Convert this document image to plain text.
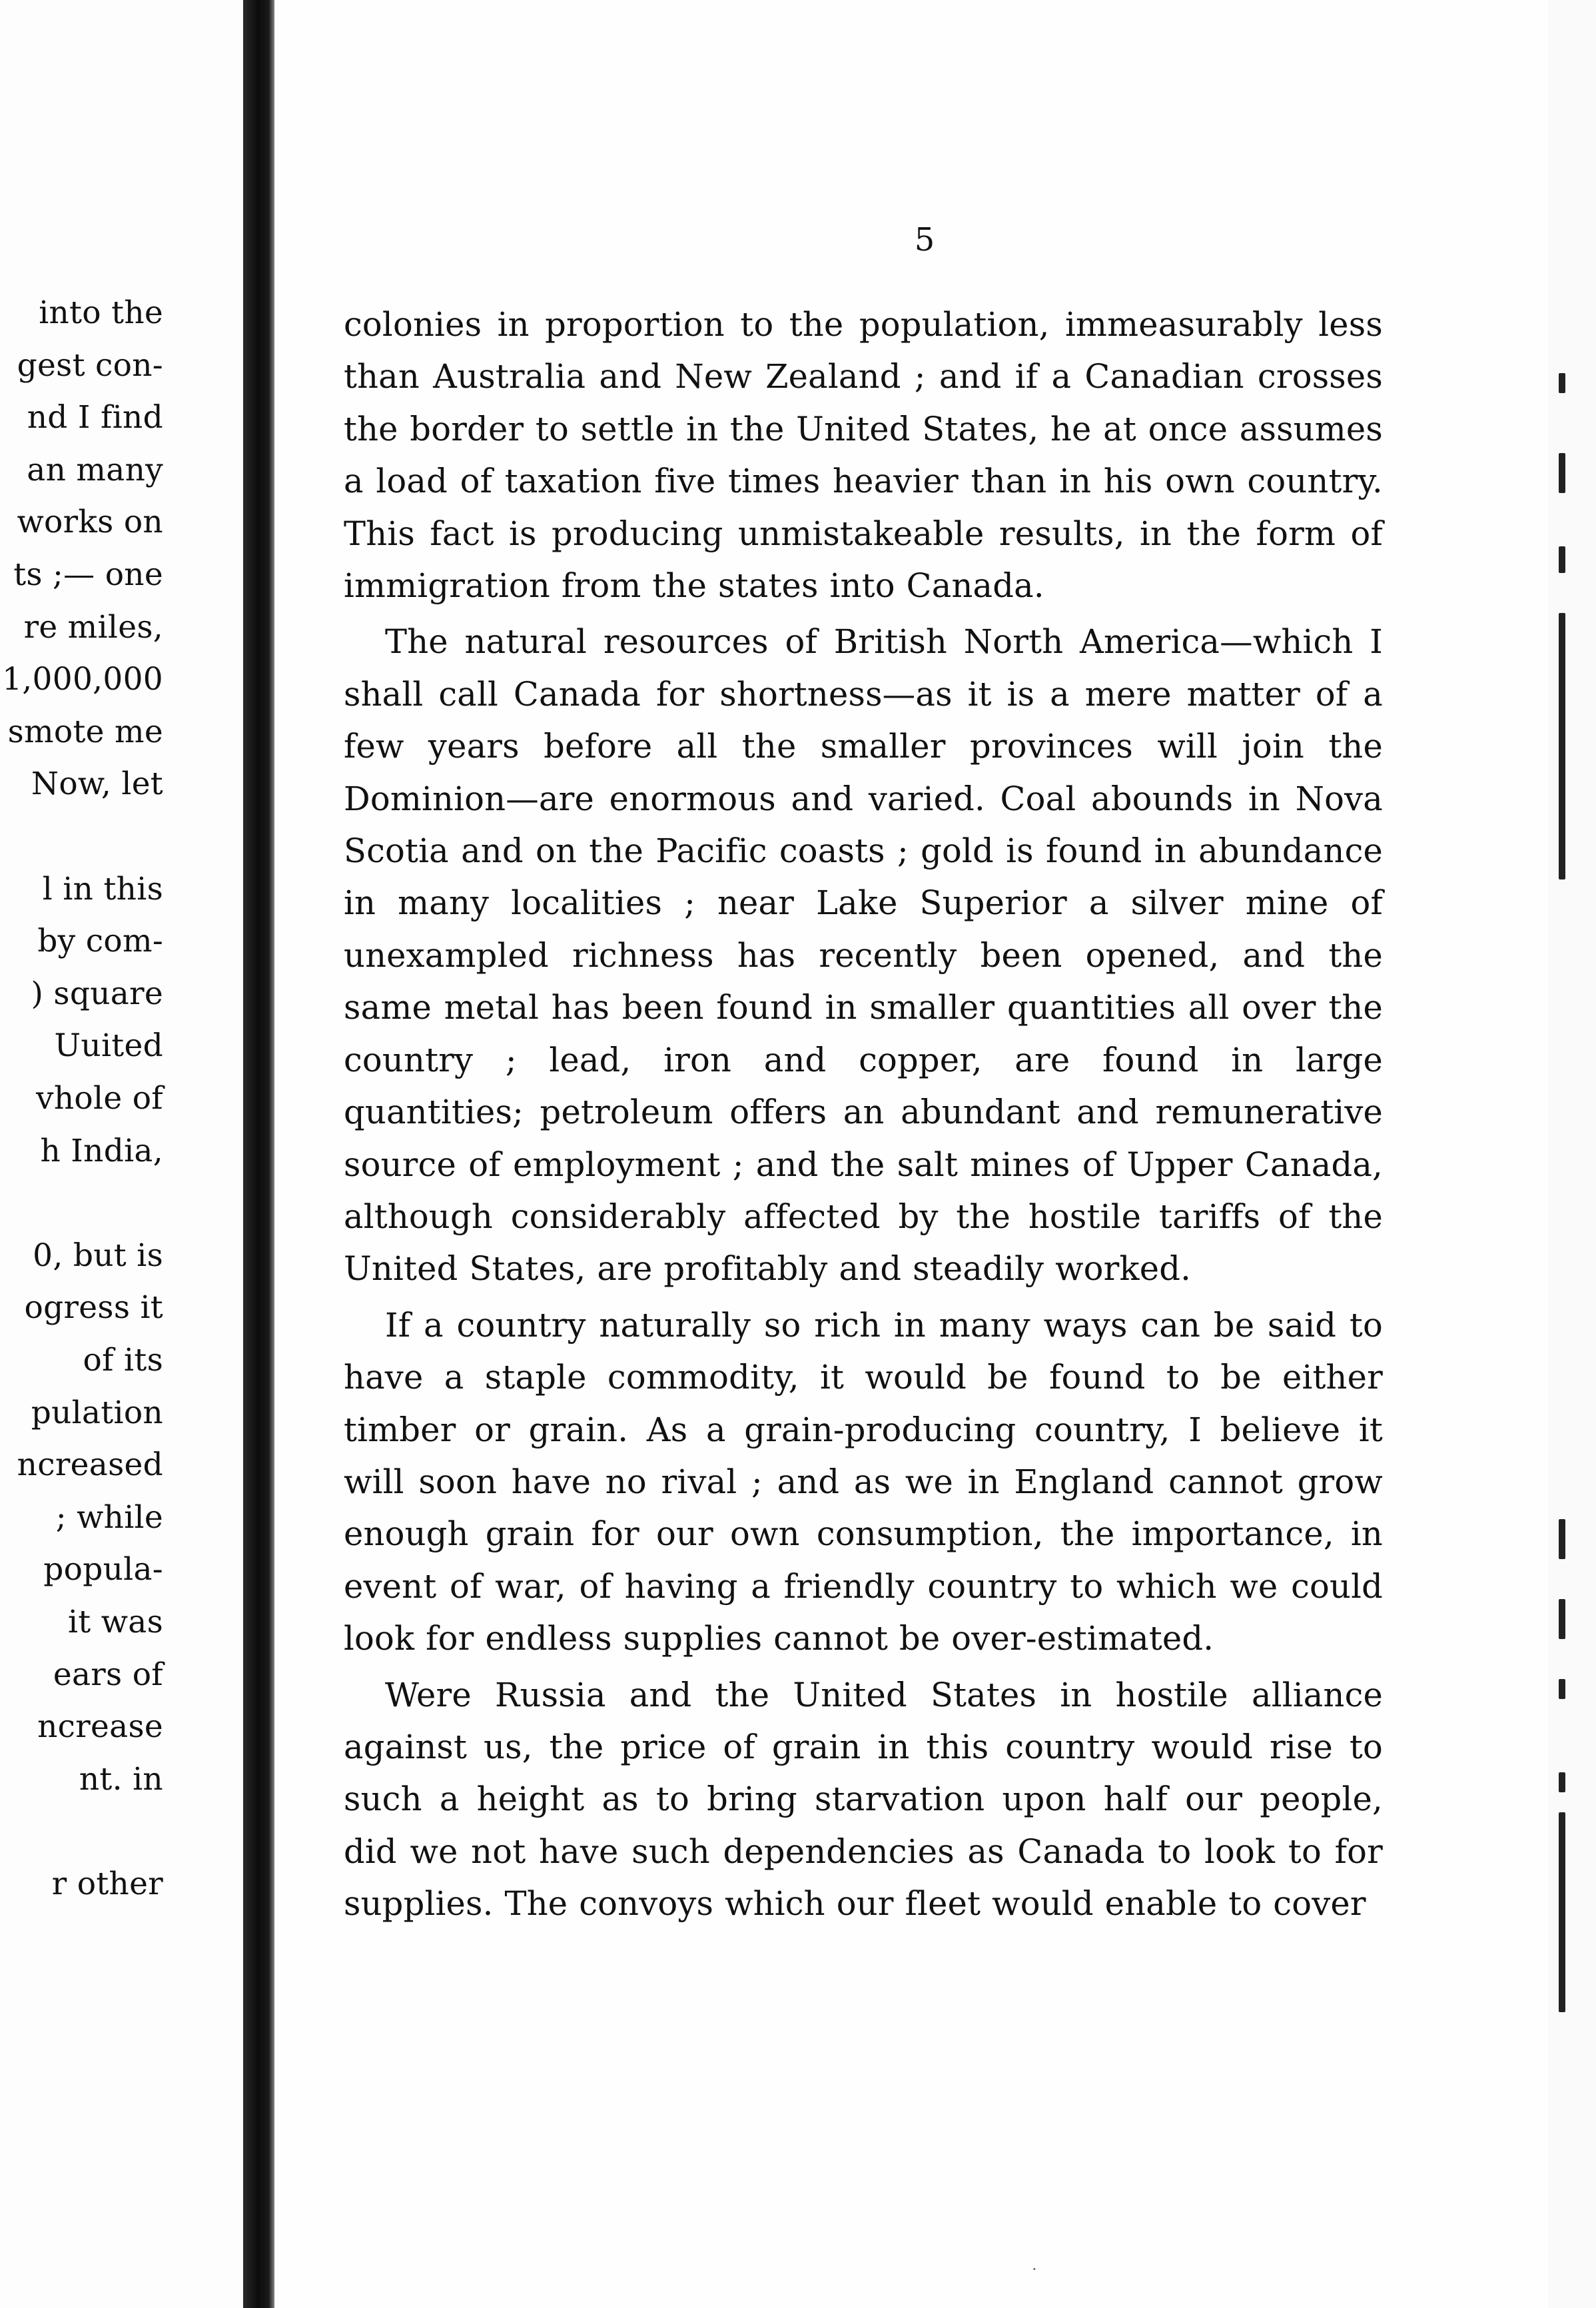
into the
gest con-
nd I find
an many
works on
ts ;— one
re miles,
1,000,000
smote me
Now, let
l in this
by com-
) square
Uuited
vhole of
h India,
0, but is
ogress it
of its
pulation
ncreased
; while
popula-
it was
ears of
ncrease
nt. in
r other
5

colonies in proportion to the population, immeasurably less than Australia and New Zealand ; and if a Canadian crosses the border to settle in the United States, he at once assumes a load of taxation five times heavier than in his own country. This fact is producing unmistakeable results, in the form of immigration from the states into Canada.

The natural resources of British North America—which I shall call Canada for shortness—as it is a mere matter of a few years before all the smaller provinces will join the Dominion—are enormous and varied. Coal abounds in Nova Scotia and on the Pacific coasts ; gold is found in abundance in many localities ; near Lake Superior a silver mine of unexampled richness has recently been opened, and the same metal has been found in smaller quantities all over the country ; lead, iron and copper, are found in large quantities; petroleum offers an abundant and remunerative source of employment ; and the salt mines of Upper Canada, although considerably affected by the hostile tariffs of the United States, are profitably and steadily worked.

If a country naturally so rich in many ways can be said to have a staple commodity, it would be found to be either timber or grain. As a grain-producing country, I believe it will soon have no rival ; and as we in England cannot grow enough grain for our own consumption, the importance, in event of war, of having a friendly country to which we could look for endless supplies cannot be over-estimated.

Were Russia and the United States in hostile alliance against us, the price of grain in this country would rise to such a height as to bring starvation upon half our people, did we not have such dependencies as Canada to look to for supplies. The convoys which our fleet would enable to cover

·
